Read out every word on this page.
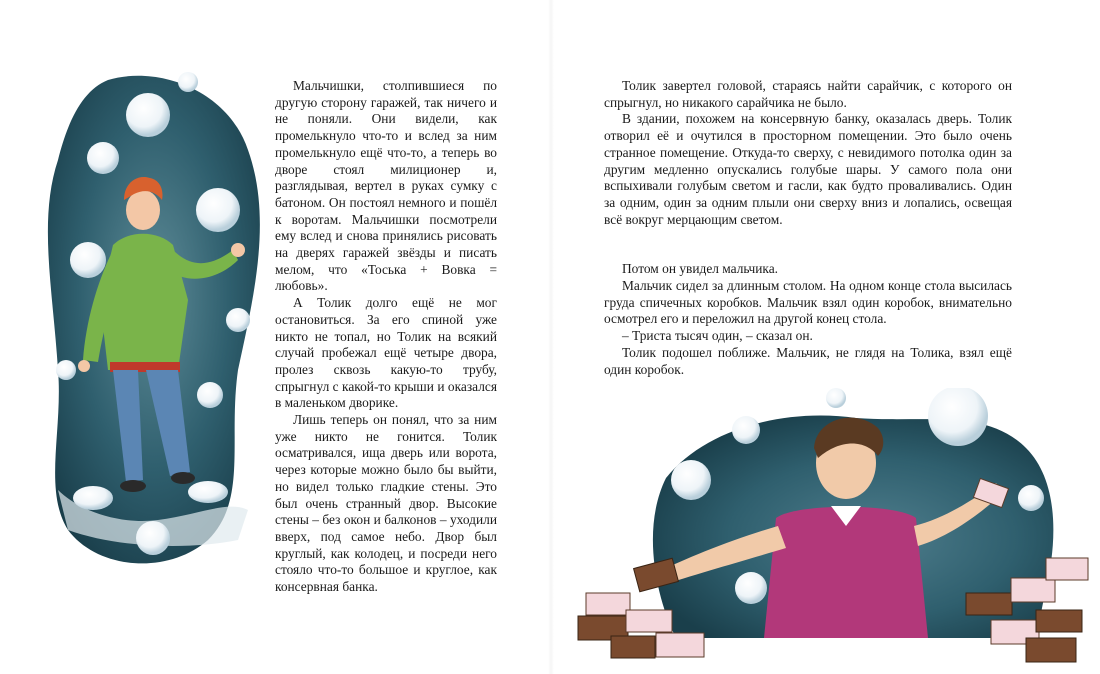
Мальчишки, столпившиеся по другую сторону гаражей, так ничего и не поняли. Они видели, как промелькнуло что-то и вслед за ним промелькнуло ещё что-то, а теперь во дворе стоял милиционер и, разглядывая, вертел в руках сумку с батоном. Он постоял немного и пошёл к воротам. Мальчишки посмотрели ему вслед и снова принялись рисовать на дверях гаражей звёзды и писать мелом, что «Тоська + Вовка = любовь».

А Толик долго ещё не мог остановиться. За его спиной уже никто не топал, но Толик на всякий случай пробежал ещё четыре двора, пролез сквозь какую-то трубу, спрыгнул с какой-то крыши и оказался в маленьком дворике.

Лишь теперь он понял, что за ним уже никто не гонится. Толик осматривался, ища дверь или ворота, через которые можно было бы выйти, но видел только гладкие стены. Это был очень странный двор. Высокие стены – без окон и балконов – уходили вверх, под самое небо. Двор был круглый, как колодец, и посреди него стояло что-то большое и круглое, как консервная банка.

Толик завертел головой, стараясь найти сарайчик, с которого он спрыгнул, но никакого сарайчика не было.

В здании, похожем на консервную банку, оказалась дверь. Толик отворил её и очутился в просторном помещении. Это было очень странное помещение. Откуда-то сверху, с невидимого потолка один за другим медленно опускались голубые шары. У самого пола они вспыхивали голубым светом и гасли, как будто проваливались. Один за одним, один за одним плыли они сверху вниз и лопались, освещая всё вокруг мерцающим светом.

Потом он увидел мальчика.

Мальчик сидел за длинным столом. На одном конце стола высилась груда спичечных коробков. Мальчик взял один коробок, внимательно осмотрел его и переложил на другой конец стола.

– Триста тысяч один, – сказал он.

Толик подошел поближе. Мальчик, не глядя на Толика, взял ещё один коробок.
